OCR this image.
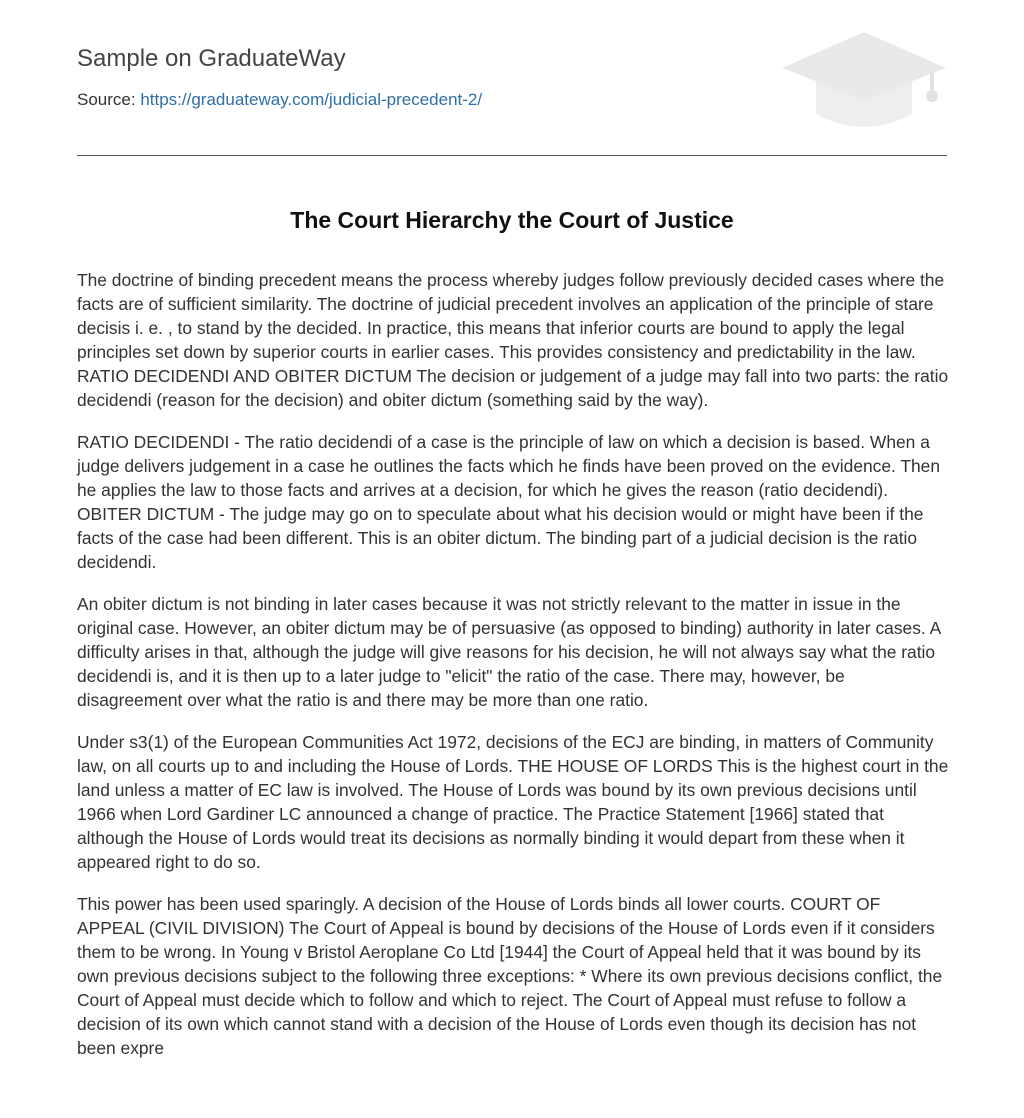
Sample on GraduateWay
Source: https://graduateway.com/judicial-precedent-2/
The Court Hierarchy the Court of Justice

The doctrine of binding precedent means the process whereby judges follow previously decided cases where the facts are of sufficient similarity. The doctrine of judicial precedent involves an application of the principle of stare decisis i. e. , to stand by the decided. In practice, this means that inferior courts are bound to apply the legal principles set down by superior courts in earlier cases. This provides consistency and predictability in the law. RATIO DECIDENDI AND OBITER DICTUM The decision or judgement of a judge may fall into two parts: the ratio decidendi (reason for the decision) and obiter dictum (something said by the way).

RATIO DECIDENDI - The ratio decidendi of a case is the principle of law on which a decision is based. When a judge delivers judgement in a case he outlines the facts which he finds have been proved on the evidence. Then he applies the law to those facts and arrives at a decision, for which he gives the reason (ratio decidendi). OBITER DICTUM - The judge may go on to speculate about what his decision would or might have been if the facts of the case had been different. This is an obiter dictum. The binding part of a judicial decision is the ratio decidendi.

An obiter dictum is not binding in later cases because it was not strictly relevant to the matter in issue in the original case. However, an obiter dictum may be of persuasive (as opposed to binding) authority in later cases. A difficulty arises in that, although the judge will give reasons for his decision, he will not always say what the ratio decidendi is, and it is then up to a later judge to "elicit" the ratio of the case. There may, however, be disagreement over what the ratio is and there may be more than one ratio.

Under s3(1) of the European Communities Act 1972, decisions of the ECJ are binding, in matters of Community law, on all courts up to and including the House of Lords. THE HOUSE OF LORDS This is the highest court in the land unless a matter of EC law is involved. The House of Lords was bound by its own previous decisions until 1966 when Lord Gardiner LC announced a change of practice. The Practice Statement [1966] stated that although the House of Lords would treat its decisions as normally binding it would depart from these when it appeared right to do so.

This power has been used sparingly. A decision of the House of Lords binds all lower courts. COURT OF APPEAL (CIVIL DIVISION) The Court of Appeal is bound by decisions of the House of Lords even if it considers them to be wrong. In Young v Bristol Aeroplane Co Ltd [1944] the Court of Appeal held that it was bound by its own previous decisions subject to the following three exceptions: * Where its own previous decisions conflict, the Court of Appeal must decide which to follow and which to reject. The Court of Appeal must refuse to follow a decision of its own which cannot stand with a decision of the House of Lords even though its decision has not been expre
